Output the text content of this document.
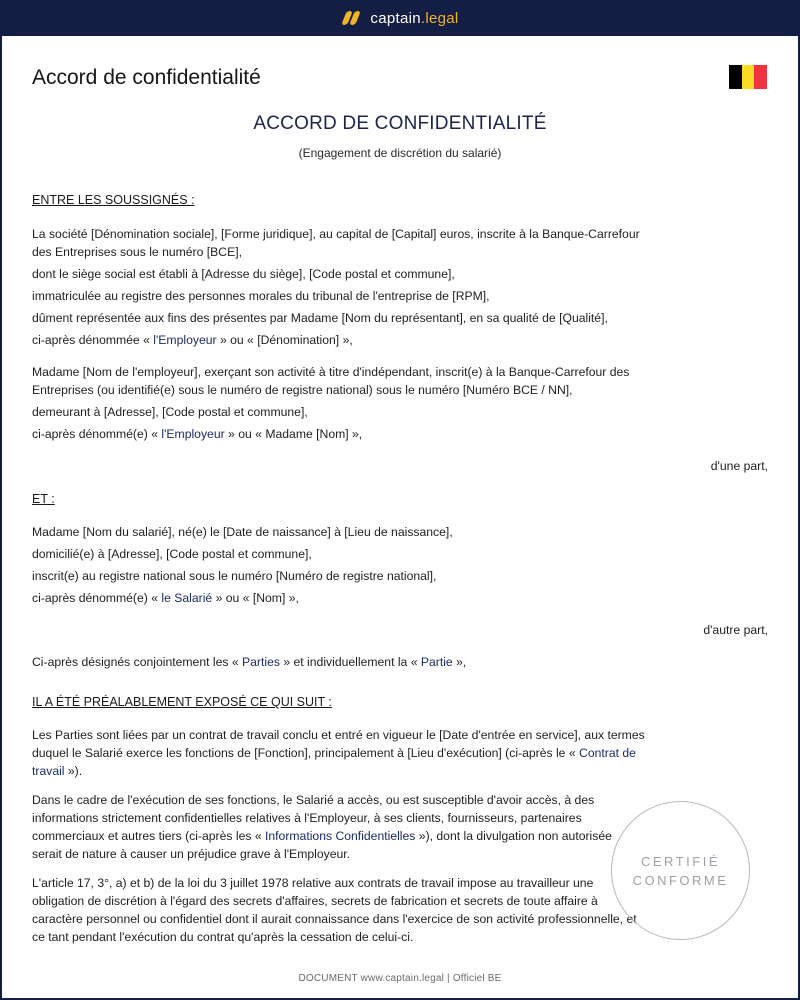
captain.legal
Accord de confidentialité
ACCORD DE CONFIDENTIALITÉ
(Engagement de discrétion du salarié)
ENTRE LES SOUSSIGNÉS :
La société [Dénomination sociale], [Forme juridique], au capital de [Capital] euros, inscrite à la Banque-Carrefour
des Entreprises sous le numéro [BCE],
dont le siège social est établi à [Adresse du siège], [Code postal et commune],
immatriculée au registre des personnes morales du tribunal de l'entreprise de [RPM],
dûment représentée aux fins des présentes par Madame [Nom du représentant], en sa qualité de [Qualité],
ci-après dénommée « l'Employeur » ou « [Dénomination] »,
Madame [Nom de l'employeur], exerçant son activité à titre d'indépendant, inscrit(e) à la Banque-Carrefour des
Entreprises (ou identifié(e) sous le numéro de registre national) sous le numéro [Numéro BCE / NN],
demeurant à [Adresse], [Code postal et commune],
ci-après dénommé(e) « l'Employeur » ou « Madame [Nom] »,
d'une part,
ET :
Madame [Nom du salarié], né(e) le [Date de naissance] à [Lieu de naissance],
domicilié(e) à [Adresse], [Code postal et commune],
inscrit(e) au registre national sous le numéro [Numéro de registre national],
ci-après dénommé(e) « le Salarié » ou « [Nom] »,
d'autre part,
Ci-après désignés conjointement les « Parties » et individuellement la « Partie »,
IL A ÉTÉ PRÉALABLEMENT EXPOSÉ CE QUI SUIT :
Les Parties sont liées par un contrat de travail conclu et entré en vigueur le [Date d'entrée en service], aux termes
duquel le Salarié exerce les fonctions de [Fonction], principalement à [Lieu d'exécution] (ci-après le « Contrat de
travail »).
Dans le cadre de l'exécution de ses fonctions, le Salarié a accès, ou est susceptible d'avoir accès, à des
informations strictement confidentielles relatives à l'Employeur, à ses clients, fournisseurs, partenaires
commerciaux et autres tiers (ci-après les « Informations Confidentielles »), dont la divulgation non autorisée
serait de nature à causer un préjudice grave à l'Employeur.
L'article 17, 3°, a) et b) de la loi du 3 juillet 1978 relative aux contrats de travail impose au travailleur une
obligation de discrétion à l'égard des secrets d'affaires, secrets de fabrication et secrets de toute affaire à
caractère personnel ou confidentiel dont il aurait connaissance dans l'exercice de son activité professionnelle, et
ce tant pendant l'exécution du contrat qu'après la cessation de celui-ci.
CERTIFIÉ
CONFORME
DOCUMENT www.captain.legal | Officiel BE
